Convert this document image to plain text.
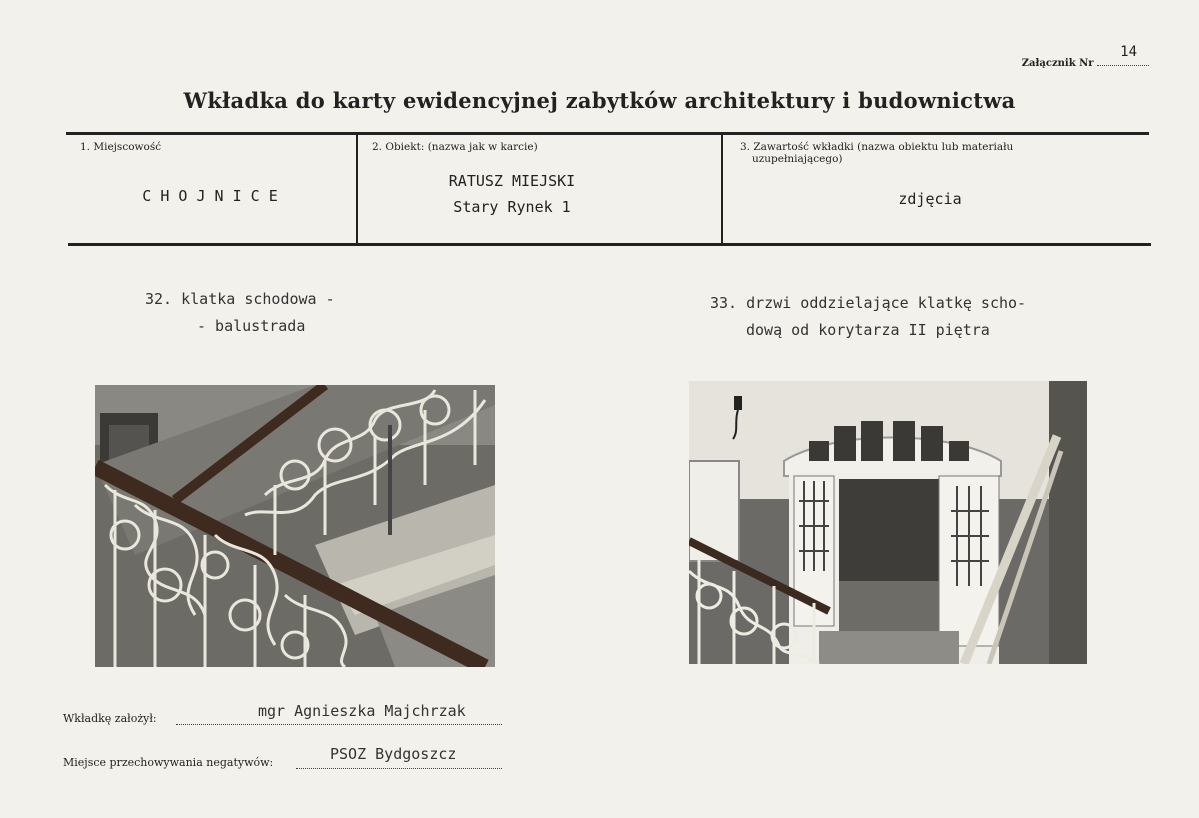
14
Załącznik Nr
Wkładka do karty ewidencyjnej zabytków architektury i budownictwa
1. Miejscowość
C H O J N I C E
2. Obiekt: (nazwa jak w karcie)
RATUSZ MIEJSKI
Stary Rynek 1
3. Zawartość wkładki (nazwa obiektu lub materiału
uzupełniającego)
zdjęcia
32. klatka schodowa -
- balustrada
33. drzwi oddzielające klatkę scho-
dową od korytarza II piętra
Wkładkę założył:	mgr Agnieszka Majchrzak
Miejsce przechowywania negatywów:	PSOZ Bydgoszcz
